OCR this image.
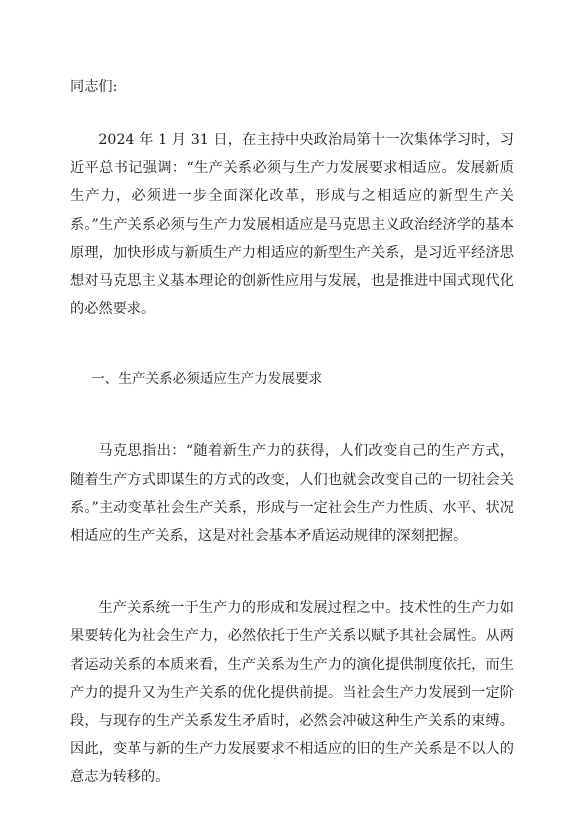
同志们:

2024 年 1 月 31 日，在主持中央政治局第十一次集体学习时，习近平总书记强调：“生产关系必须与生产力发展要求相适应。发展新质生产力，必须进一步全面深化改革，形成与之相适应的新型生产关系。”生产关系必须与生产力发展相适应是马克思主义政治经济学的基本原理，加快形成与新质生产力相适应的新型生产关系，是习近平经济思想对马克思主义基本理论的创新性应用与发展，也是推进中国式现代化的必然要求。

一、生产关系必须适应生产力发展要求

马克思指出：“随着新生产力的获得，人们改变自己的生产方式，随着生产方式即谋生的方式的改变，人们也就会改变自己的一切社会关系。”主动变革社会生产关系，形成与一定社会生产力性质、水平、状况相适应的生产关系，这是对社会基本矛盾运动规律的深刻把握。

生产关系统一于生产力的形成和发展过程之中。技术性的生产力如果要转化为社会生产力，必然依托于生产关系以赋予其社会属性。从两者运动关系的本质来看，生产关系为生产力的演化提供制度依托，而生产力的提升又为生产关系的优化提供前提。当社会生产力发展到一定阶段，与现存的生产关系发生矛盾时，必然会冲破这种生产关系的束缚。因此，变革与新的生产力发展要求不相适应的旧的生产关系是不以人的意志为转移的。
